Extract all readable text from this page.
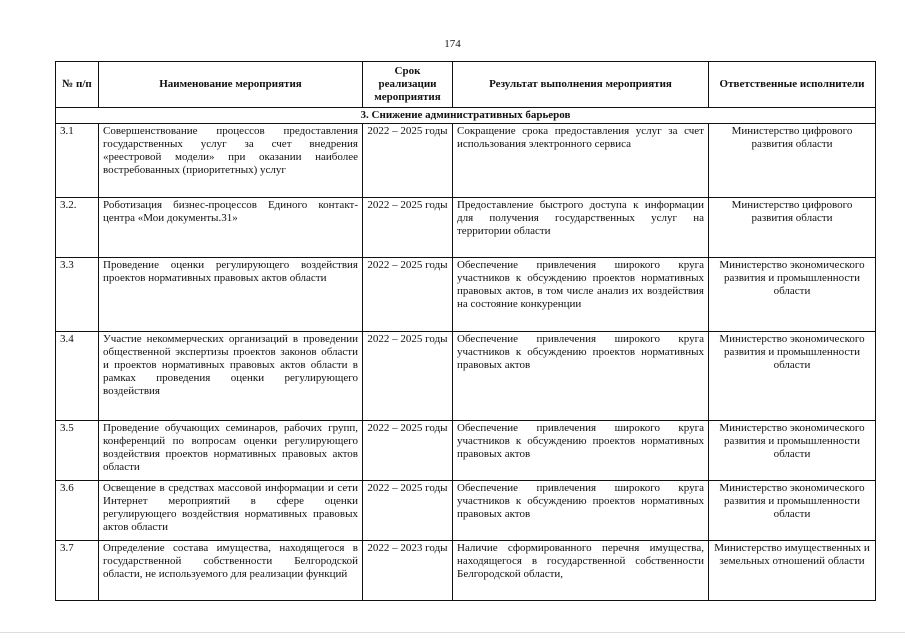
174
№ п/п	Наименование мероприятия	Срок реализации мероприятия	Результат выполнения мероприятия	Ответственные исполнители
3. Снижение административных барьеров				
3.1	Совершенствование процессов предоставления государственных услуг за счет внедрения «реестровой модели» при оказании наиболее востребованных (приоритетных) услуг	2022 – 2025 годы	Сокращение срока предоставления услуг за счет использования электронного сервиса	Министерство цифрового развития области
3.2.	Роботизация бизнес-процессов Единого контакт-центра «Мои документы.31»	2022 – 2025 годы	Предоставление быстрого доступа к информации для получения государственных услуг на территории области	Министерство цифрового развития области
3.3	Проведение оценки регулирующего воздействия проектов нормативных правовых актов области	2022 – 2025 годы	Обеспечение привлечения широкого круга участников к обсуждению проектов нормативных правовых актов, в том числе анализ их воздействия на состояние конкуренции	Министерство экономического развития и промышленности области
3.4	Участие некоммерческих организаций в проведении общественной экспертизы проектов законов области и проектов нормативных правовых актов области в рамках проведения оценки регулирующего воздействия	2022 – 2025 годы	Обеспечение привлечения широкого круга участников к обсуждению проектов нормативных правовых актов	Министерство экономического развития и промышленности области
3.5	Проведение обучающих семинаров, рабочих групп, конференций по вопросам оценки регулирующего воздействия проектов нормативных правовых актов области	2022 – 2025 годы	Обеспечение привлечения широкого круга участников к обсуждению проектов нормативных правовых актов	Министерство экономического развития и промышленности области
3.6	Освещение в средствах массовой информации и сети Интернет мероприятий в сфере оценки регулирующего воздействия нормативных правовых актов области	2022 – 2025 годы	Обеспечение привлечения широкого круга участников к обсуждению проектов нормативных правовых актов	Министерство экономического развития и промышленности области
3.7	Определение состава имущества, находящегося в государственной собственности Белгородской области, не используемого для реализации функций	2022 – 2023 годы	Наличие сформированного перечня имущества, находящегося в государственной собственности Белгородской области,	Министерство имущественных и земельных отношений области
